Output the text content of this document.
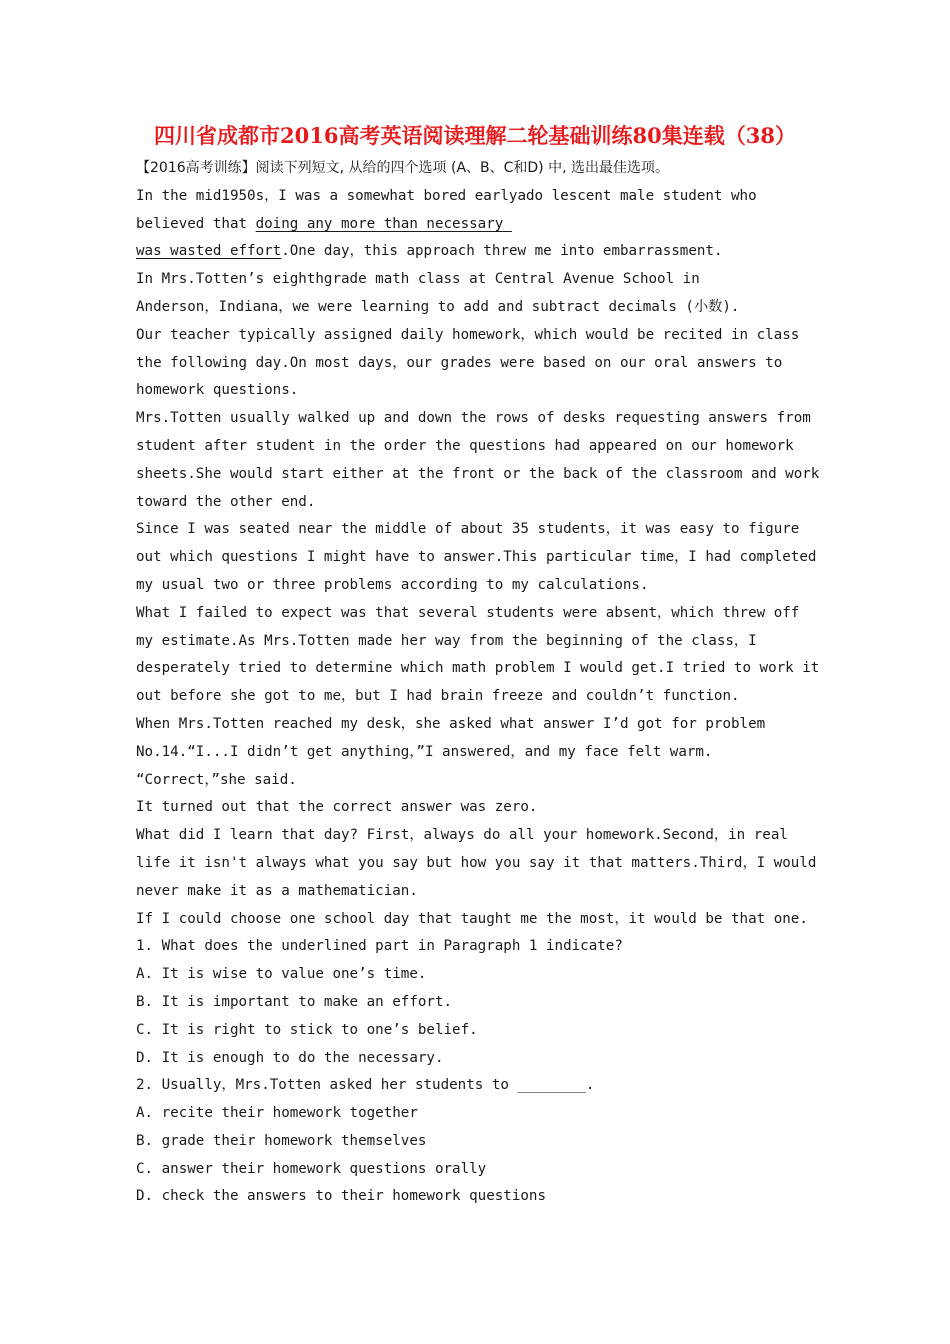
四川省成都市2016高考英语阅读理解二轮基础训练80集连载（38）
【2016高考训练】阅读下列短文, 从给的四个选项 (A、B、C和D) 中, 选出最佳选项。
In the mid1950s，I was a somewhat bored earlyado lescent male student who
believed that doing any more than necessary
was wasted effort.One day，this approach threw me into embarrassment.
In Mrs.Totten’s eighthgrade math class at Central Avenue School in
Anderson，Indiana，we were learning to add and subtract decimals (小数).
Our teacher typically assigned daily homework，which would be recited in class
the following day.On most days，our grades were based on our oral answers to
homework questions.
Mrs.Totten usually walked up and down the rows of desks requesting answers from
student after student in the order the questions had appeared on our homework
sheets.She would start either at the front or the back of the classroom and work
toward the other end.
Since I was seated near the middle of about 35 students，it was easy to figure
out which questions I might have to answer.This particular time，I had completed
my usual two or three problems according to my calculations.
What I failed to expect was that several students were absent，which threw off
my estimate.As Mrs.Totten made her way from the beginning of the class，I
desperately tried to determine which math problem I would get.I tried to work it
out before she got to me，but I had brain freeze and couldn’t function.
When Mrs.Totten reached my desk，she asked what answer I’d got for problem
No.14.“I...I didn’t get anything，”I answered，and my face felt warm.
“Correct，”she said.
It turned out that the correct answer was zero.
What did I learn that day? First，always do all your homework.Second，in real
life it isn't always what you say but how you say it that matters.Third，I would
never make it as a mathematician.
If I could choose one school day that taught me the most，it would be that one.
1. What does the underlined part in Paragraph 1 indicate?
A. It is wise to value one’s time.
B. It is important to make an effort.
C. It is right to stick to one’s belief.
D. It is enough to do the necessary.
2. Usually，Mrs.Totten asked her students to ________.
A. recite their homework together
B. grade their homework themselves
C. answer their homework questions orally
D. check the answers to their homework questions
